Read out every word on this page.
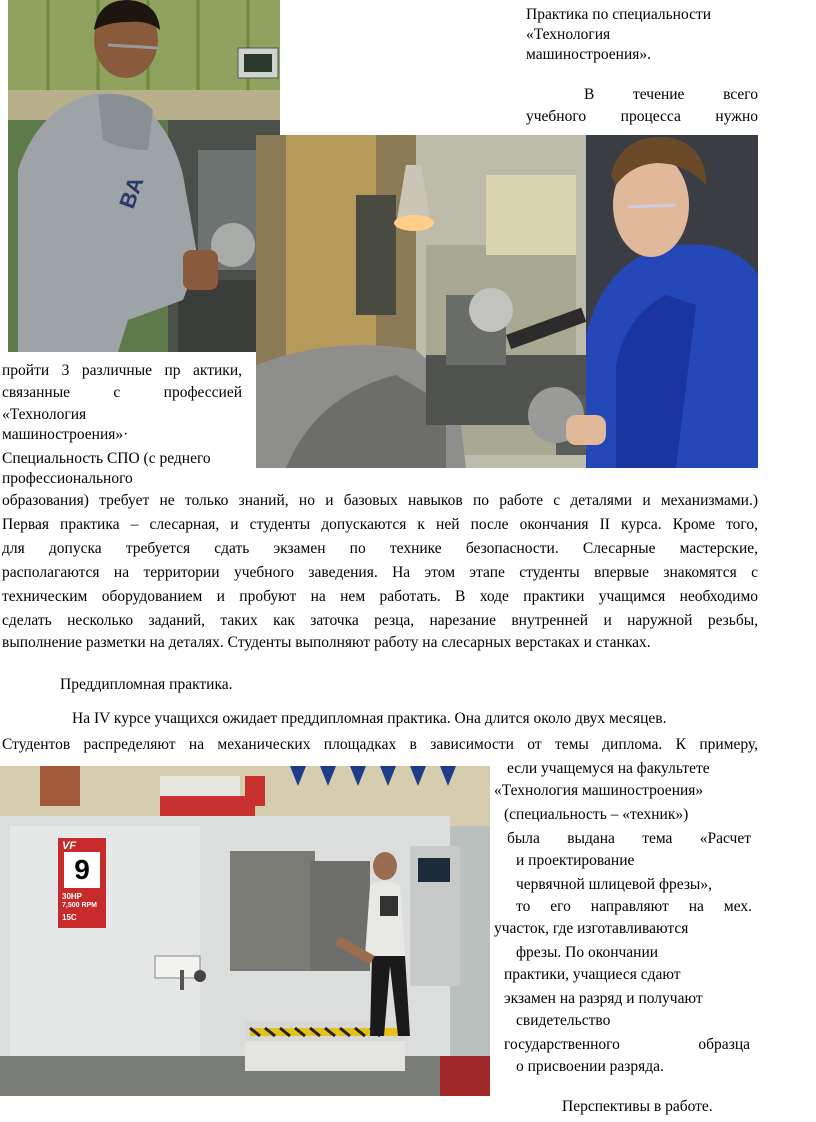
BA
VF
9
30HP
7,500 RPM
15C
Практика по специальности
«Технология
машиностроения».
В течение всего
учебного процесса нужно
пройти 3 различные пр актики,
связанные с профессией
«Технология
машиностроения»·
Специальность СПО (с реднего
профессионального
образования) требует не только знаний, но и базовых навыков по работе с деталями и механизмами.)
Первая практика – слесарная, и студенты допускаются к ней после окончания II курса. Кроме того,
для допуска требуется сдать экзамен по технике безопасности. Слесарные мастерские,
располагаются на территории учебного заведения. На этом этапе студенты впервые знакомятся с
техническим оборудованием и пробуют на нем работать. В ходе практики учащимся необходимо
сделать несколько заданий, таких как заточка резца, нарезание внутренней и наружной резьбы,
выполнение разметки на деталях. Студенты выполняют работу на слесарных верстаках и станках.
Преддипломная практика.
На IV курсе учащихся ожидает преддипломная практика. Она длится около двух месяцев.
Студентов распределяют на механических площадках в зависимости от темы диплома. К примеру,
если учащемуся на факультете
«Технология машиностроения»
(специальность – «техник»)
была выдана тема «Расчет
и проектирование
червячной шлицевой фрезы»,
то его направляют на мех.
участок, где изготавливаются
фрезы. По окончании
практики, учащиеся сдают
экзамен на разряд и получают
свидетельство
государственного образца
о присвоении разряда.
Перспективы в работе.
